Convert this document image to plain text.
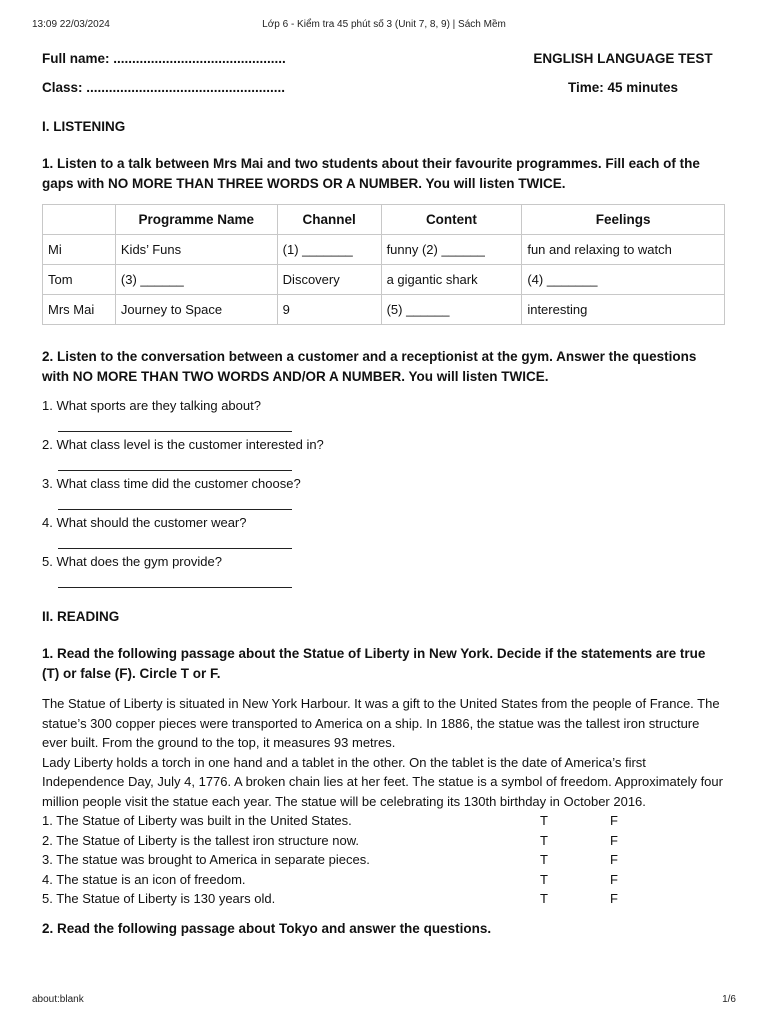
13:09 22/03/2024	Lớp 6 - Kiểm tra 45 phút số 3 (Unit 7, 8, 9) | Sách Mềm
Full name: ..............................................	ENGLISH LANGUAGE TEST
Class: .....................................................	Time: 45 minutes
I. LISTENING
1. Listen to a talk between Mrs Mai and two students about their favourite programmes. Fill each of the gaps with NO MORE THAN THREE WORDS OR A NUMBER. You will listen TWICE.
	Programme Name	Channel	Content	Feelings
Mi	Kids’ Funs	(1) _______	funny (2) ______	fun and relaxing to watch
Tom	(3) ______	Discovery	a gigantic shark	(4) _______
Mrs Mai	Journey to Space	9	(5) ______	interesting
2. Listen to the conversation between a customer and a receptionist at the gym. Answer the questions with NO MORE THAN TWO WORDS AND/OR A NUMBER. You will listen TWICE.
1. What sports are they talking about?
2. What class level is the customer interested in?
3. What class time did the customer choose?
4. What should the customer wear?
5. What does the gym provide?
II. READING
1. Read the following passage about the Statue of Liberty in New York. Decide if the statements are true (T) or false (F). Circle T or F.
The Statue of Liberty is situated in New York Harbour. It was a gift to the United States from the people of France. The statue’s 300 copper pieces were transported to America on a ship. In 1886, the statue was the tallest iron structure ever built. From the ground to the top, it measures 93 metres.
Lady Liberty holds a torch in one hand and a tablet in the other. On the tablet is the date of America’s first Independence Day, July 4, 1776. A broken chain lies at her feet. The statue is a symbol of freedom. Approximately four million people visit the statue each year. The statue will be celebrating its 130th birthday in October 2016.
1. The Statue of Liberty was built in the United States.	T	F
2. The Statue of Liberty is the tallest iron structure now.	T	F
3. The statue was brought to America in separate pieces.	T	F
4. The statue is an icon of freedom.	T	F
5. The Statue of Liberty is 130 years old.	T	F
2. Read the following passage about Tokyo and answer the questions.
about:blank	1/6
